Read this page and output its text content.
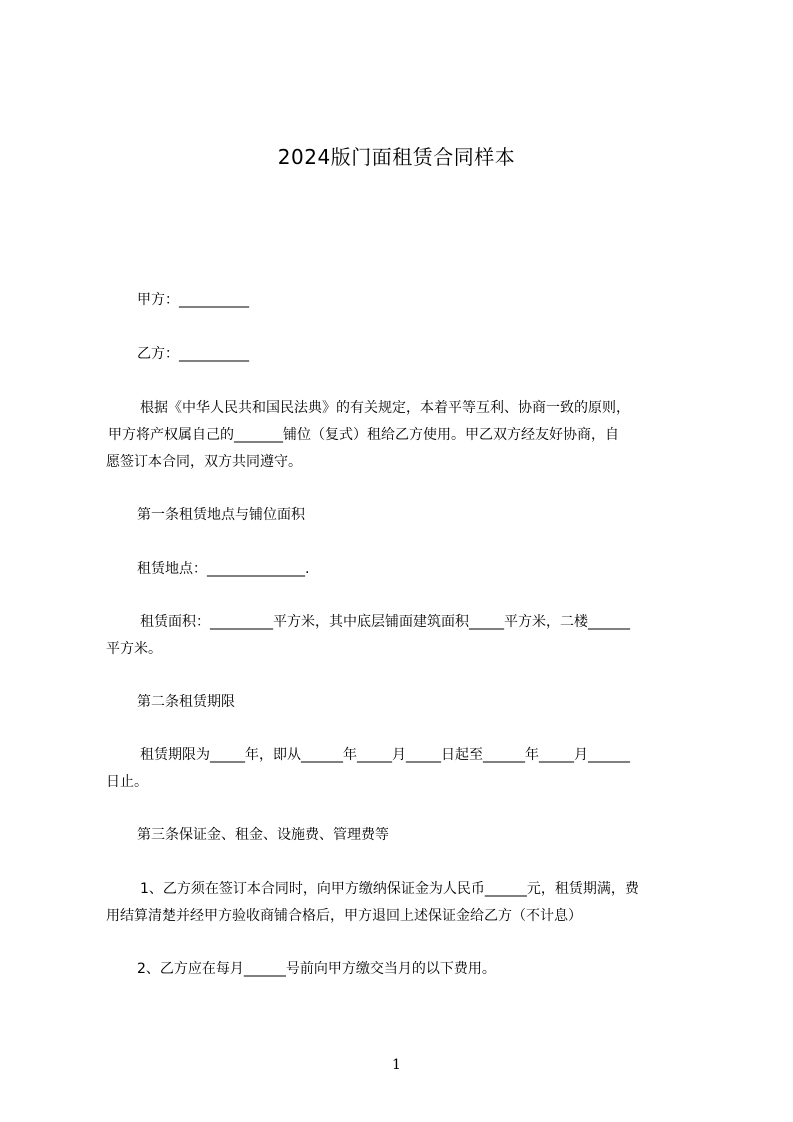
2024版门面租赁合同样本
甲方：__________
乙方：__________
根据《中华人民共和国民法典》的有关规定，本着平等互利、协商一致的原则，
甲方将产权属自己的_______铺位（复式）租给乙方使用。甲乙双方经友好协商，自
愿签订本合同，双方共同遵守。
第一条租赁地点与铺位面积
租赁地点：______________.
租赁面积：_________平方米，其中底层铺面建筑面积_____平方米，二楼______
平方米。
第二条租赁期限
租赁期限为_____年，即从______年_____月_____日起至______年_____月______
日止。
第三条保证金、租金、设施费、管理费等
1、乙方须在签订本合同时，向甲方缴纳保证金为人民币______元，租赁期满，费
用结算清楚并经甲方验收商铺合格后，甲方退回上述保证金给乙方（不计息）
2、乙方应在每月______号前向甲方缴交当月的以下费用。
1
